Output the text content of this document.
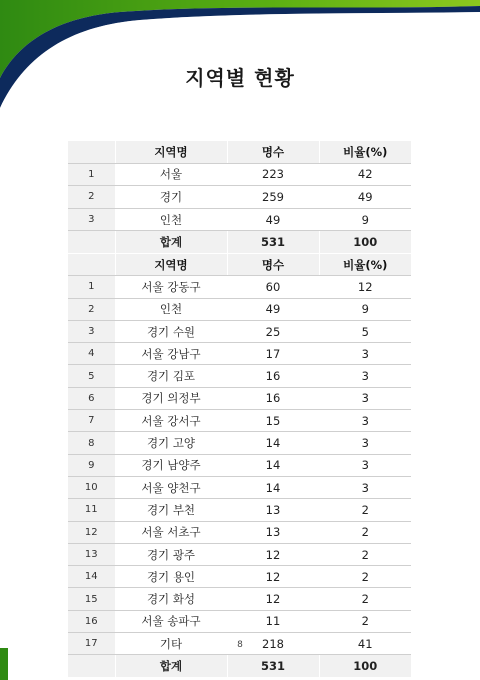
지역별 현황
	지역명	명수	비율(%)
1	서울	223	42
2	경기	259	49
3	인천	49	9
	합계	531	100
	지역명	명수	비율(%)
1	서울 강동구	60	12
2	인천	49	9
3	경기 수원	25	5
4	서울 강남구	17	3
5	경기 김포	16	3
6	경기 의정부	16	3
7	서울 강서구	15	3
8	경기 고양	14	3
9	경기 남양주	14	3
10	서울 양천구	14	3
11	경기 부천	13	2
12	서울 서초구	13	2
13	경기 광주	12	2
14	경기 용인	12	2
15	경기 화성	12	2
16	서울 송파구	11	2
17	기타	218	41
	합계	531	100
8
